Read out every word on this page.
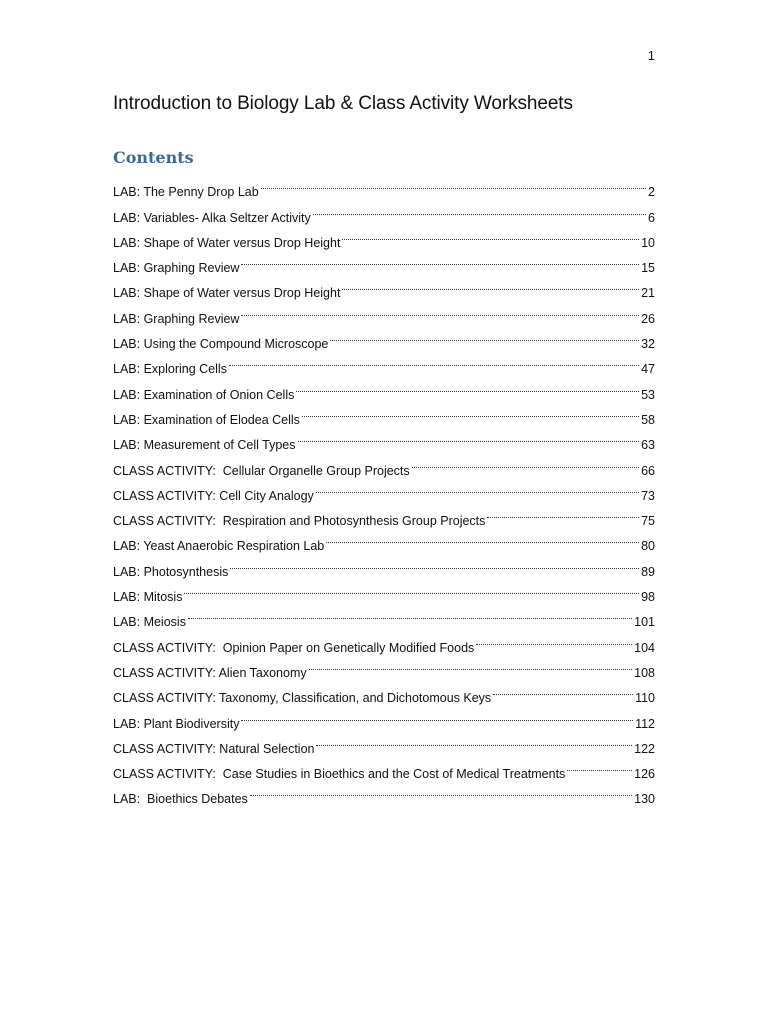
1
Introduction to Biology Lab & Class Activity Worksheets
Contents
LAB: The Penny Drop Lab	2
LAB: Variables- Alka Seltzer Activity	6
LAB: Shape of Water versus Drop Height	10
LAB: Graphing Review	15
LAB: Shape of Water versus Drop Height	21
LAB: Graphing Review	26
LAB: Using the Compound Microscope	32
LAB: Exploring Cells	47
LAB: Examination of Onion Cells	53
LAB: Examination of Elodea Cells	58
LAB: Measurement of Cell Types	63
CLASS ACTIVITY:  Cellular Organelle Group Projects	66
CLASS ACTIVITY: Cell City Analogy	73
CLASS ACTIVITY:  Respiration and Photosynthesis Group Projects	75
LAB: Yeast Anaerobic Respiration Lab	80
LAB: Photosynthesis	89
LAB: Mitosis	98
LAB: Meiosis	101
CLASS ACTIVITY:  Opinion Paper on Genetically Modified Foods	104
CLASS ACTIVITY: Alien Taxonomy	108
CLASS ACTIVITY: Taxonomy, Classification, and Dichotomous Keys	110
LAB: Plant Biodiversity	112
CLASS ACTIVITY: Natural Selection	122
CLASS ACTIVITY:  Case Studies in Bioethics and the Cost of Medical Treatments	126
LAB:  Bioethics Debates	130
